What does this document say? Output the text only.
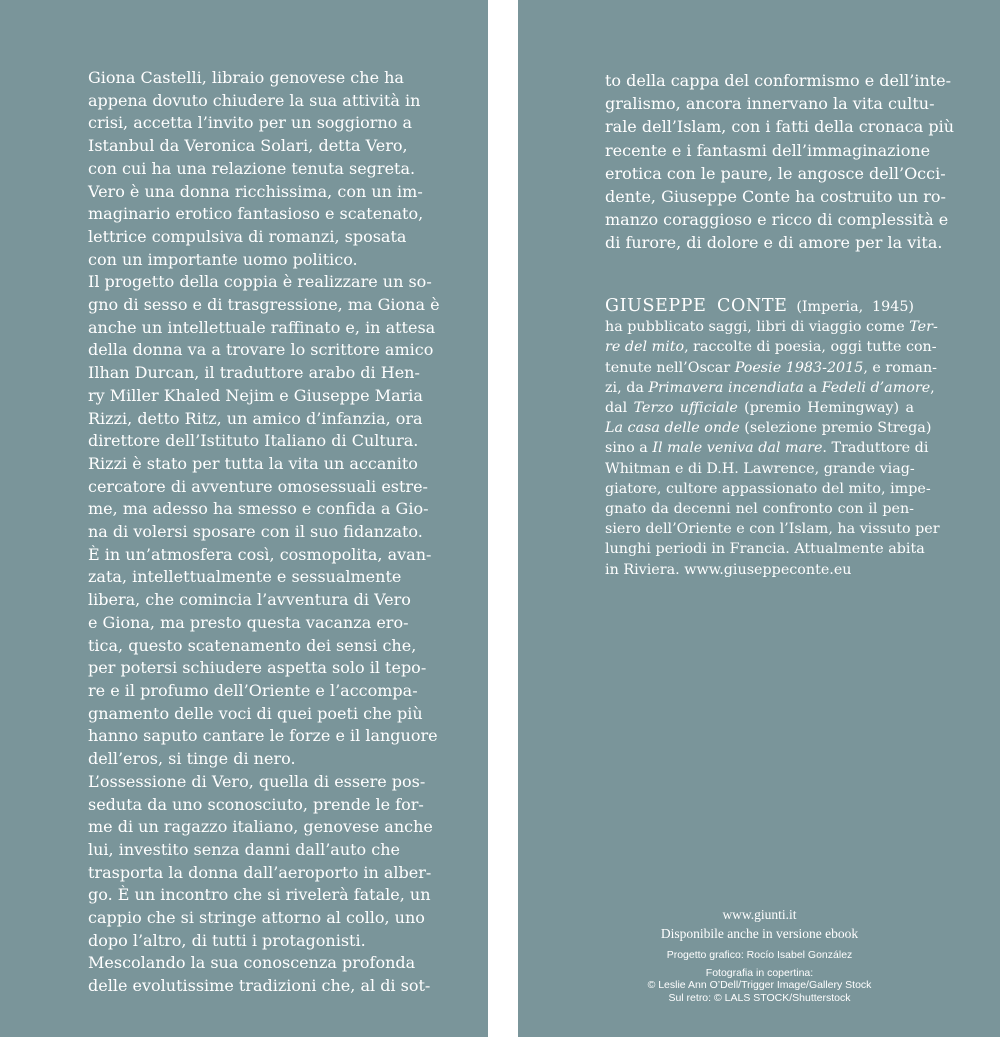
Giona Castelli, libraio genovese che ha
appena dovuto chiudere la sua attività in
crisi, accetta l’invito per un soggiorno a
Istanbul da Veronica Solari, detta Vero,
con cui ha una relazione tenuta segreta.
Vero è una donna ricchissima, con un im-
maginario erotico fantasioso e scatenato,
lettrice compulsiva di romanzi, sposata
con un importante uomo politico.
Il progetto della coppia è realizzare un so-
gno di sesso e di trasgressione, ma Giona è
anche un intellettuale raffinato e, in attesa
della donna va a trovare lo scrittore amico
Ilhan Durcan, il traduttore arabo di Hen-
ry Miller Khaled Nejim e Giuseppe Maria
Rizzi, detto Ritz, un amico d’infanzia, ora
direttore dell’Istituto Italiano di Cultura.
Rizzi è stato per tutta la vita un accanito
cercatore di avventure omosessuali estre-
me, ma adesso ha smesso e confida a Gio-
na di volersi sposare con il suo fidanzato.
È in un’atmosfera così, cosmopolita, avan-
zata, intellettualmente e sessualmente
libera, che comincia l’avventura di Vero
e Giona, ma presto questa vacanza ero-
tica, questo scatenamento dei sensi che,
per potersi schiudere aspetta solo il tepo-
re e il profumo dell’Oriente e l’accompa-
gnamento delle voci di quei poeti che più
hanno saputo cantare le forze e il languore
dell’eros, si tinge di nero.
L’ossessione di Vero, quella di essere pos-
seduta da uno sconosciuto, prende le for-
me di un ragazzo italiano, genovese anche
lui, investito senza danni dall’auto che
trasporta la donna dall’aeroporto in alber-
go. È un incontro che si rivelerà fatale, un
cappio che si stringe attorno al collo, uno
dopo l’altro, di tutti i protagonisti.
Mescolando la sua conoscenza profonda
delle evolutissime tradizioni che, al di sot-
to della cappa del conformismo e dell’inte-
gralismo, ancora innervano la vita cultu-
rale dell’Islam, con i fatti della cronaca più
recente e i fantasmi dell’immaginazione
erotica con le paure, le angosce dell’Occi-
dente, Giuseppe Conte ha costruito un ro-
manzo coraggioso e ricco di complessità e
di furore, di dolore e di amore per la vita.
GIUSEPPE CONTE (Imperia, 1945)
ha pubblicato saggi, libri di viaggio come Ter-
re del mito, raccolte di poesia, oggi tutte con-
tenute nell’Oscar Poesie 1983-2015, e roman-
zi, da Primavera incendiata a Fedeli d’amore,
dal Terzo ufficiale (premio Hemingway) a
La casa delle onde (selezione premio Strega)
sino a Il male veniva dal mare. Traduttore di
Whitman e di D.H. Lawrence, grande viag-
giatore, cultore appassionato del mito, impe-
gnato da decenni nel confronto con il pen-
siero dell’Oriente e con l’Islam, ha vissuto per
lunghi periodi in Francia. Attualmente abita
in Riviera. www.giuseppeconte.eu
www.giunti.it
Disponibile anche in versione ebook
Progetto grafico: Rocío Isabel González
Fotografia in copertina:
© Leslie Ann O’Dell/Trigger Image/Gallery Stock
Sul retro: © LALS STOCK/Shutterstock
